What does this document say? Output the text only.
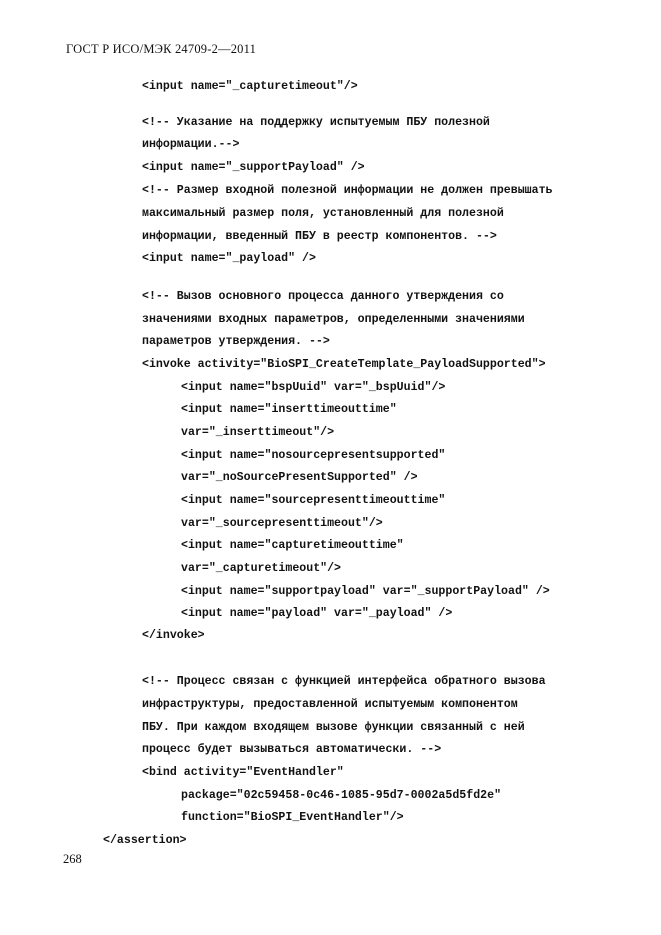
ГОСТ Р ИСО/МЭК 24709-2—2011
<input name="_capturetimeout"/>
<!-- Указание на поддержку испытуемым ПБУ полезной
информации.-->
<input name="_supportPayload" />
<!-- Размер входной полезной информации не должен превышать
максимальный размер поля, установленный для полезной
информации, введенный ПБУ в реестр компонентов. -->
<input name="_payload" />
<!-- Вызов основного процесса данного утверждения со
значениями входных параметров, определенными значениями
параметров утверждения. -->
<invoke activity="BioSPI_CreateTemplate_PayloadSupported">
<input name="bspUuid" var="_bspUuid"/>
<input name="inserttimeouttime"
var="_inserttimeout"/>
<input name="nosourcepresentsupported"
var="_noSourcePresentSupported" />
<input name="sourcepresenttimeouttime"
var="_sourcepresenttimeout"/>
<input name="capturetimeouttime"
var="_capturetimeout"/>
<input name="supportpayload" var="_supportPayload" />
<input name="payload" var="_payload" />
</invoke>
<!-- Процесс связан с функцией интерфейса обратного вызова
инфраструктуры, предоставленной испытуемым компонентом
ПБУ. При каждом входящем вызове функции связанный с ней
процесс будет вызываться автоматически. -->
<bind activity="EventHandler"
package="02c59458-0c46-1085-95d7-0002a5d5fd2e"
function="BioSPI_EventHandler"/>
</assertion>
268
